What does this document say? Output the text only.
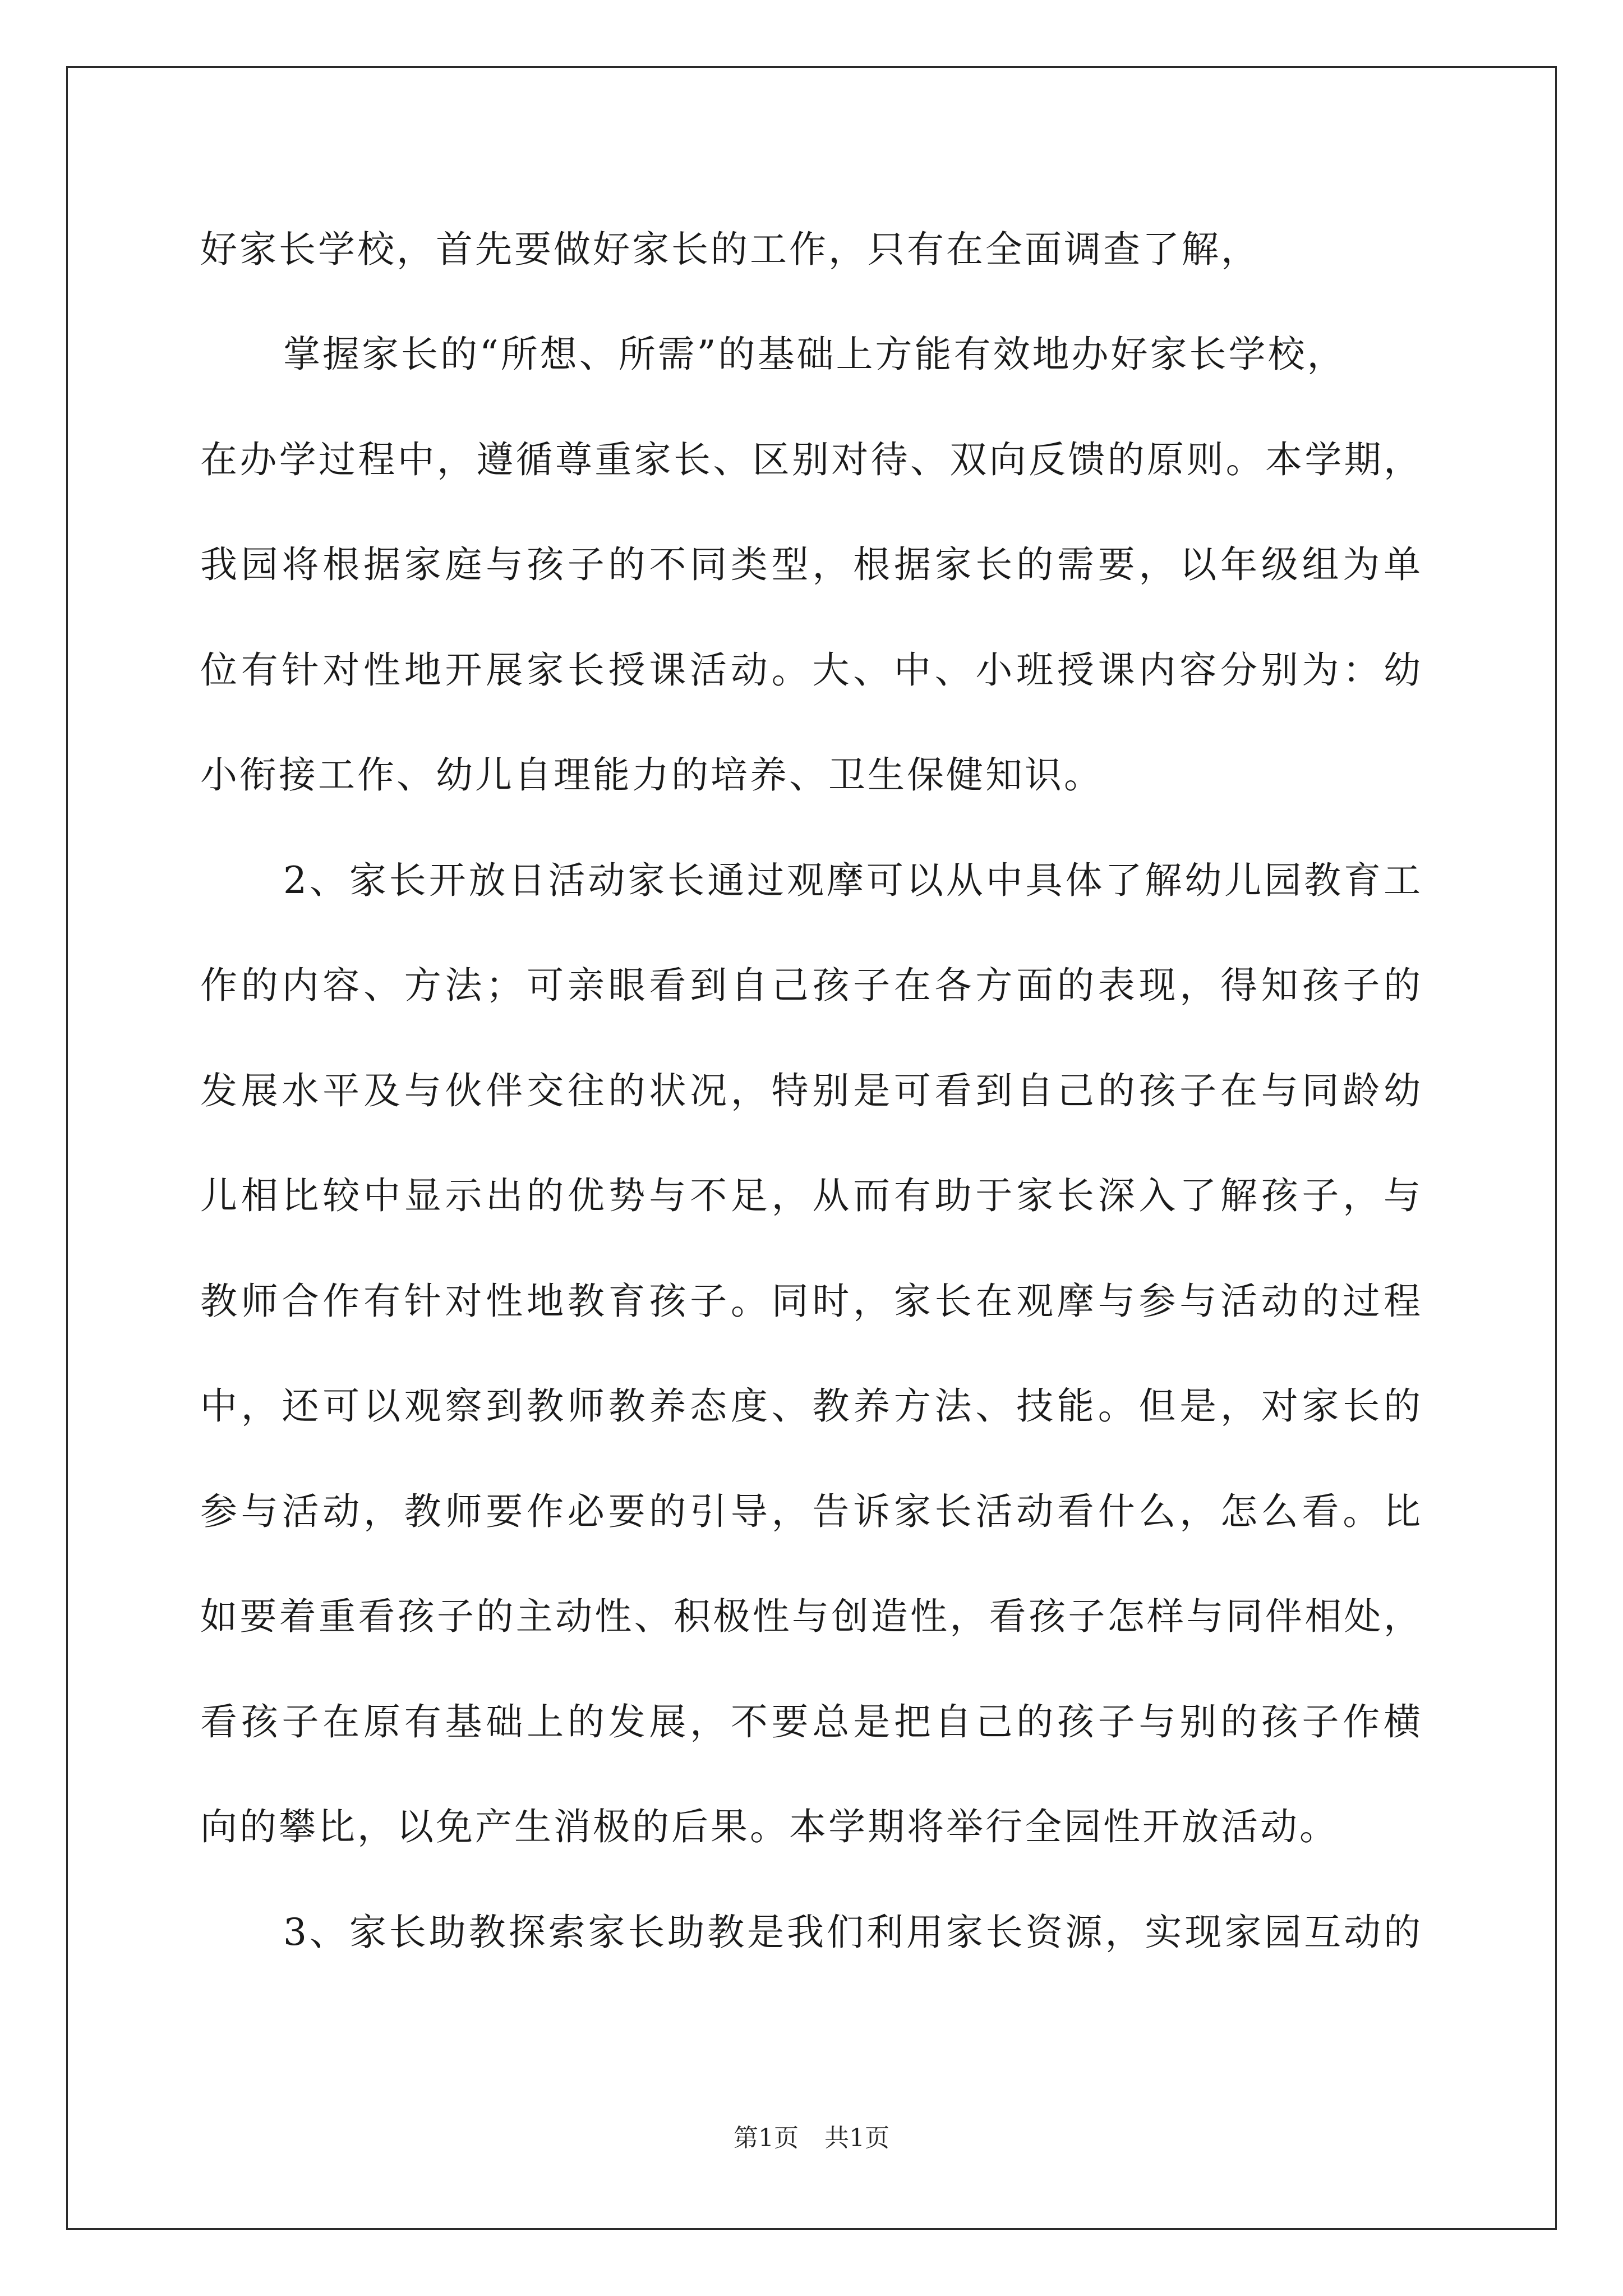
好家长学校，首先要做好家长的工作，只有在全面调查了解，
掌握家长的“所想、所需”的基础上方能有效地办好家长学校，
在办学过程中，遵循尊重家长、区别对待、双向反馈的原则。本学期，
我园将根据家庭与孩子的不同类型，根据家长的需要，以年级组为单
位有针对性地开展家长授课活动。大、中、小班授课内容分别为：幼
小衔接工作、幼儿自理能力的培养、卫生保健知识。
2、家长开放日活动家长通过观摩可以从中具体了解幼儿园教育工
作的内容、方法；可亲眼看到自己孩子在各方面的表现，得知孩子的
发展水平及与伙伴交往的状况，特别是可看到自己的孩子在与同龄幼
儿相比较中显示出的优势与不足，从而有助于家长深入了解孩子，与
教师合作有针对性地教育孩子。同时，家长在观摩与参与活动的过程
中，还可以观察到教师教养态度、教养方法、技能。但是，对家长的
参与活动，教师要作必要的引导，告诉家长活动看什么，怎么看。比
如要着重看孩子的主动性、积极性与创造性，看孩子怎样与同伴相处，
看孩子在原有基础上的发展，不要总是把自己的孩子与别的孩子作横
向的攀比，以免产生消极的后果。本学期将举行全园性开放活动。
3、家长助教探索家长助教是我们利用家长资源，实现家园互动的
第1页 共1页
